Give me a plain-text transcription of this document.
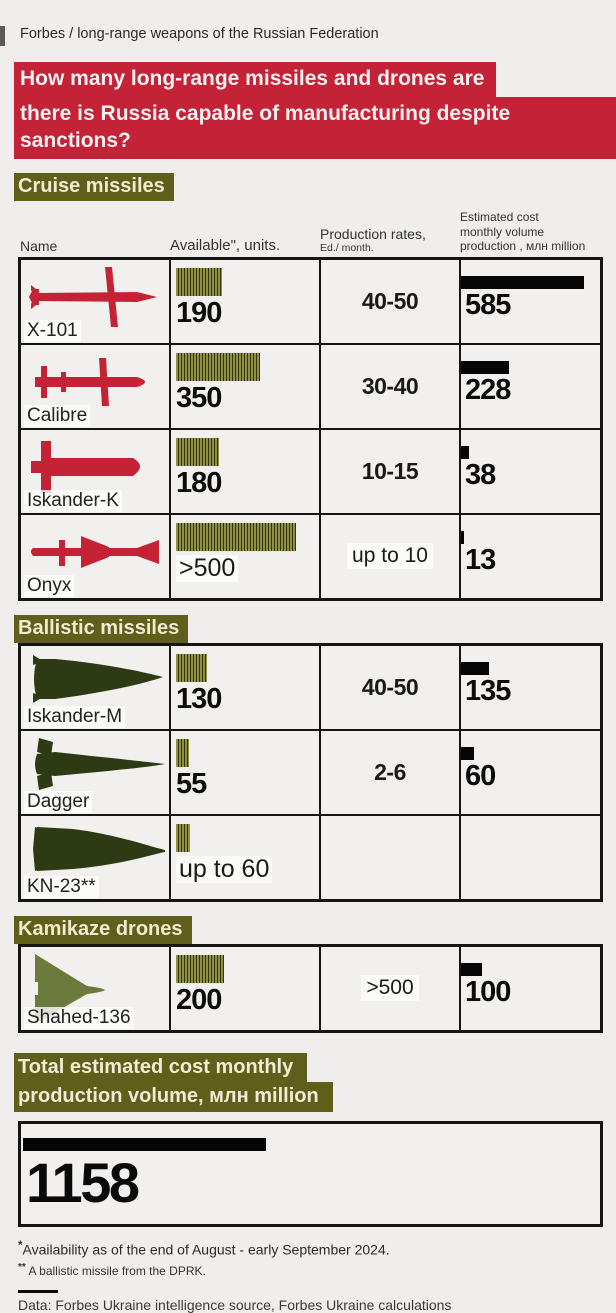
Forbes / long-range weapons of the Russian Federation
How many long-range missiles and drones are
there is Russia capable of manufacturing despite sanctions?
Cruise missiles
Name	Available", units.
Production rates,
Ed./ month.
Estimated cost
monthly volume
production , млн million
X-101
190	40-50 585
Calibre
350	30-40 228
Iskander-K
180	10-15 38
Onyx
>500	up to 10 13
Ballistic missiles
Iskander-M
130	40-50 135
Dagger
55	2-6 60
KN-23**
up to 60
Kamikaze drones
Shahed-136
200	>500 100
Total estimated cost monthly
production volume, млн million
1158
*Availability as of the end of August - early September 2024.
** A ballistic missile from the DPRK.
Data: Forbes Ukraine intelligence source, Forbes Ukraine calculations
